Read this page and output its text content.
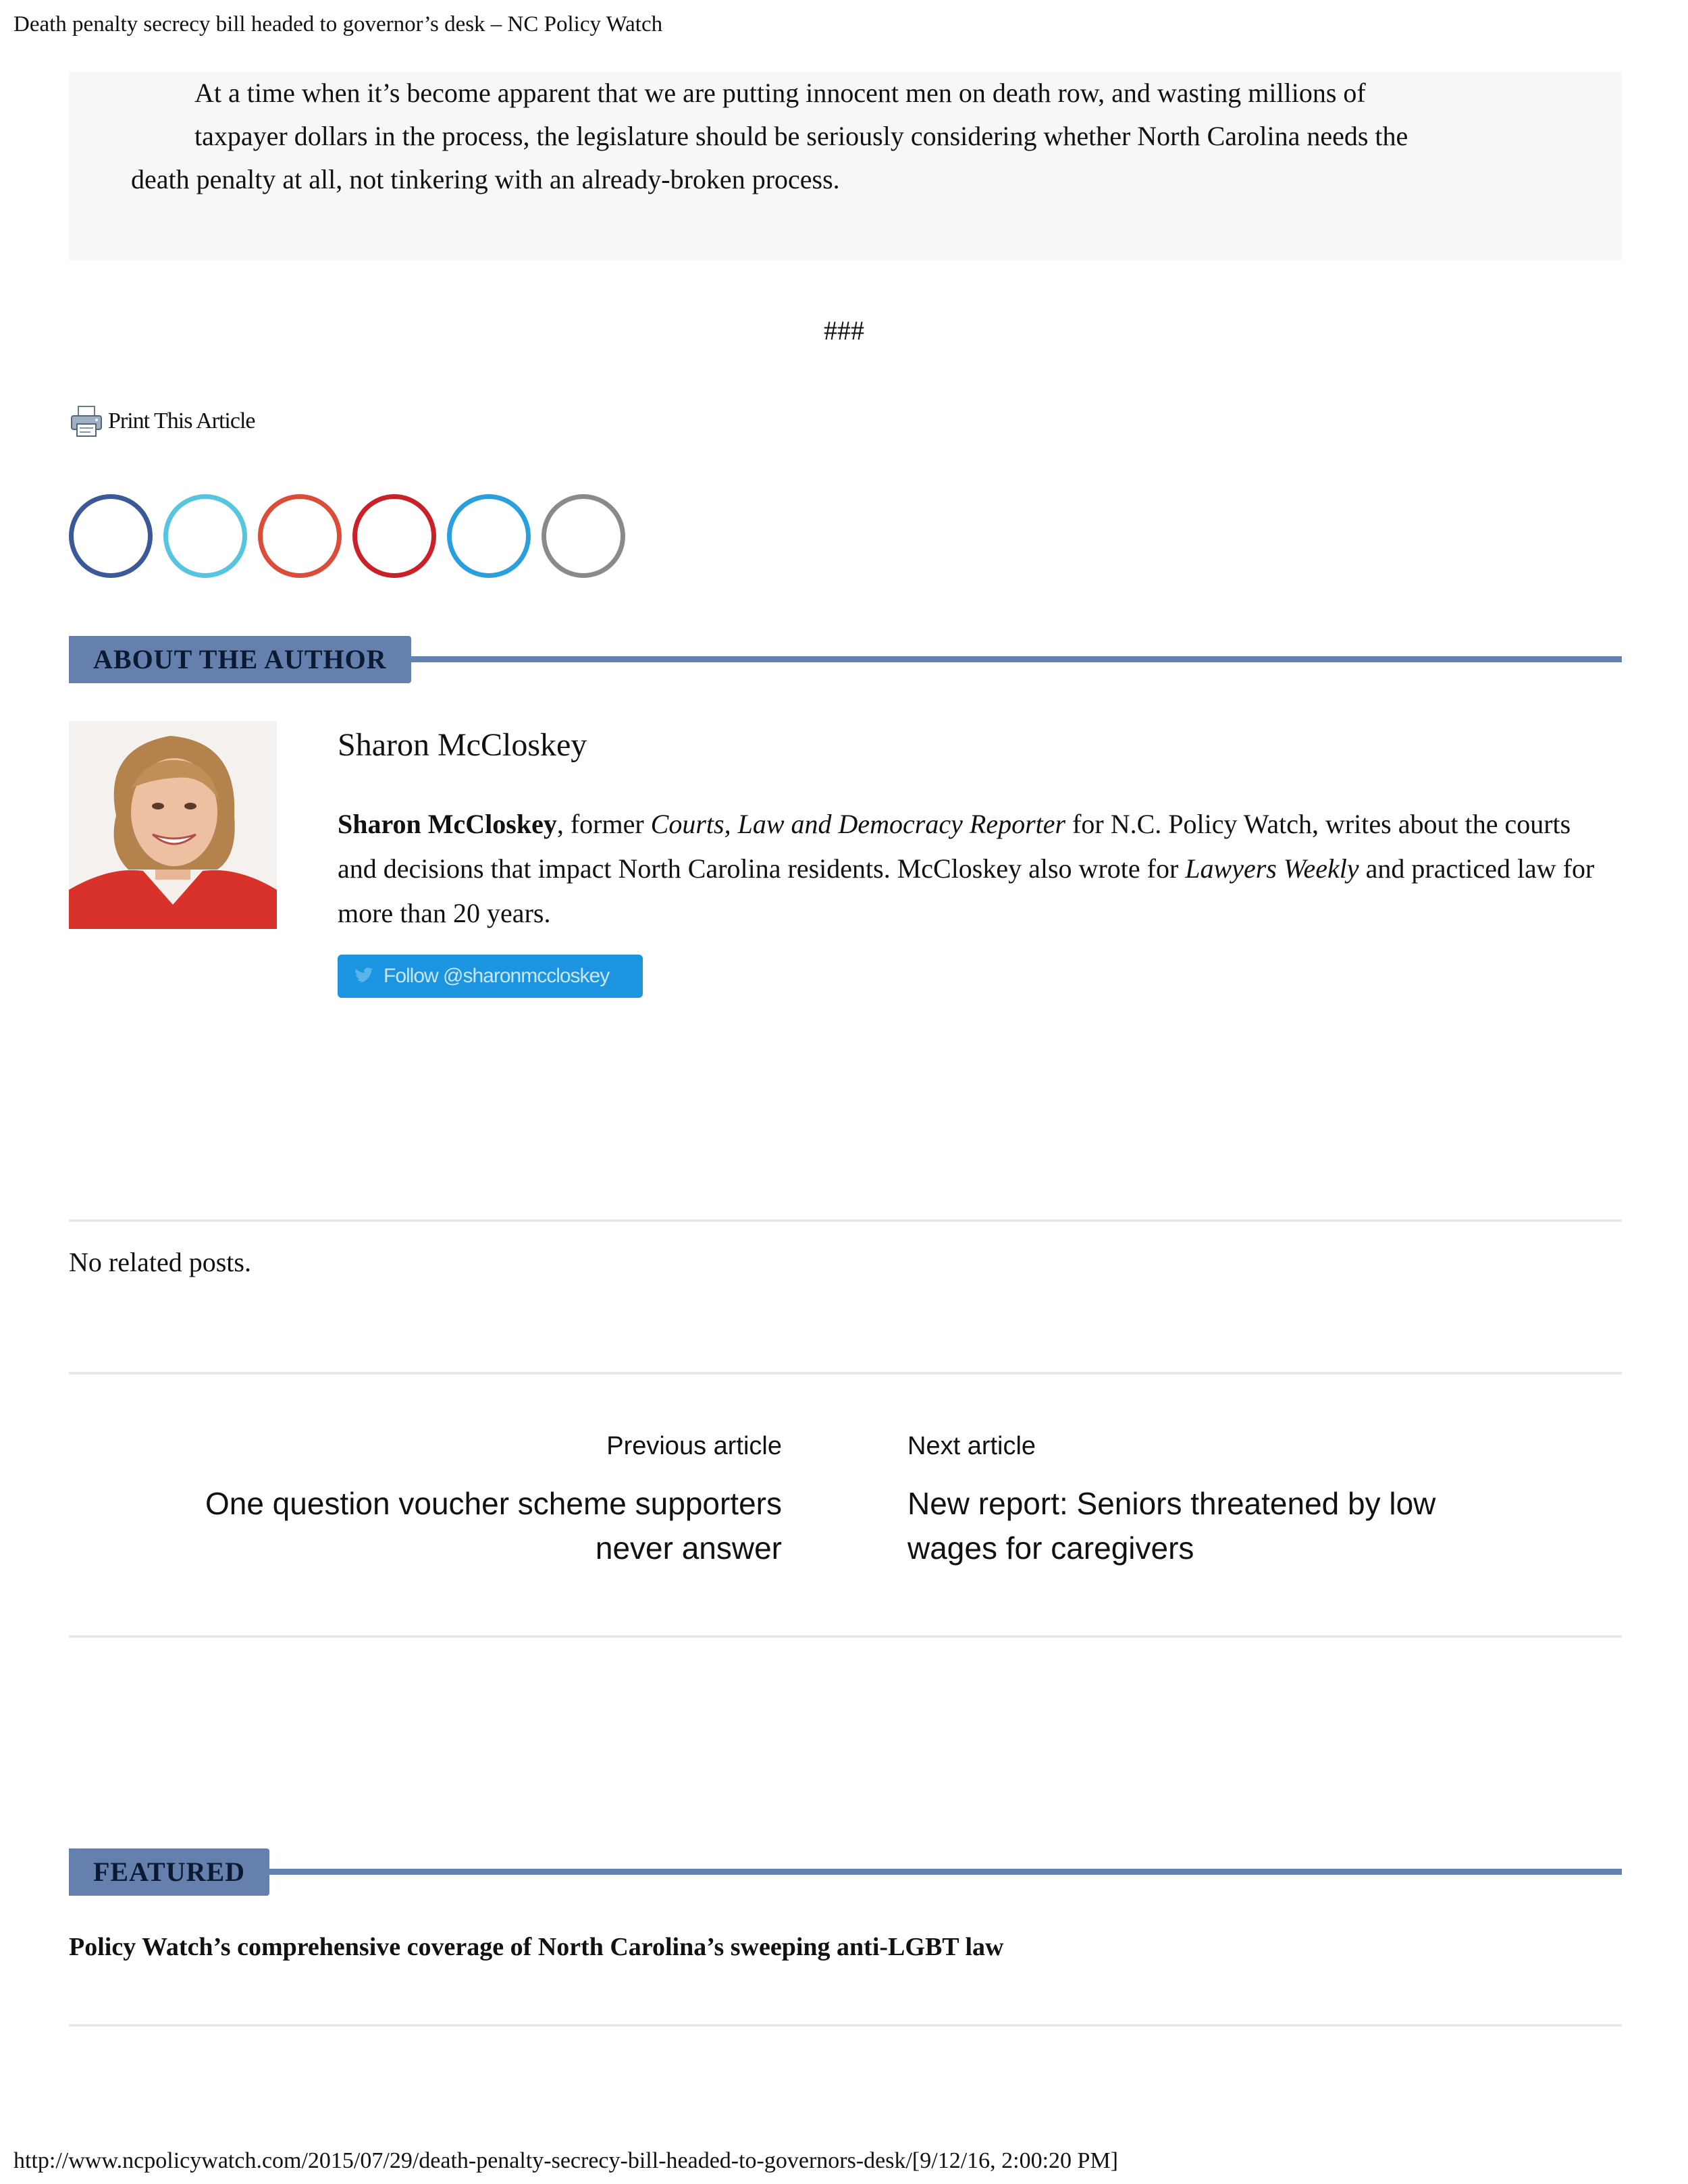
Death penalty secrecy bill headed to governor’s desk – NC Policy Watch
At a time when it’s become apparent that we are putting innocent men on death row, and wasting millions of
taxpayer dollars in the process, the legislature should be seriously considering whether North Carolina needs the
death penalty at all, not tinkering with an already-broken process.
###
Print This Article
ABOUT THE AUTHOR
Sharon McCloskey
Sharon McCloskey, former Courts, Law and Democracy Reporter for N.C. Policy Watch, writes about the courts and decisions that impact North Carolina residents. McCloskey also wrote for Lawyers Weekly and practiced law for more than 20 years.
Follow @sharonmccloskey
No related posts.
Previous article
One question voucher scheme supporters
never answer
Next article
New report: Seniors threatened by low
wages for caregivers
FEATURED
Policy Watch’s comprehensive coverage of North Carolina’s sweeping anti-LGBT law
http://www.ncpolicywatch.com/2015/07/29/death-penalty-secrecy-bill-headed-to-governors-desk/[9/12/16, 2:00:20 PM]
